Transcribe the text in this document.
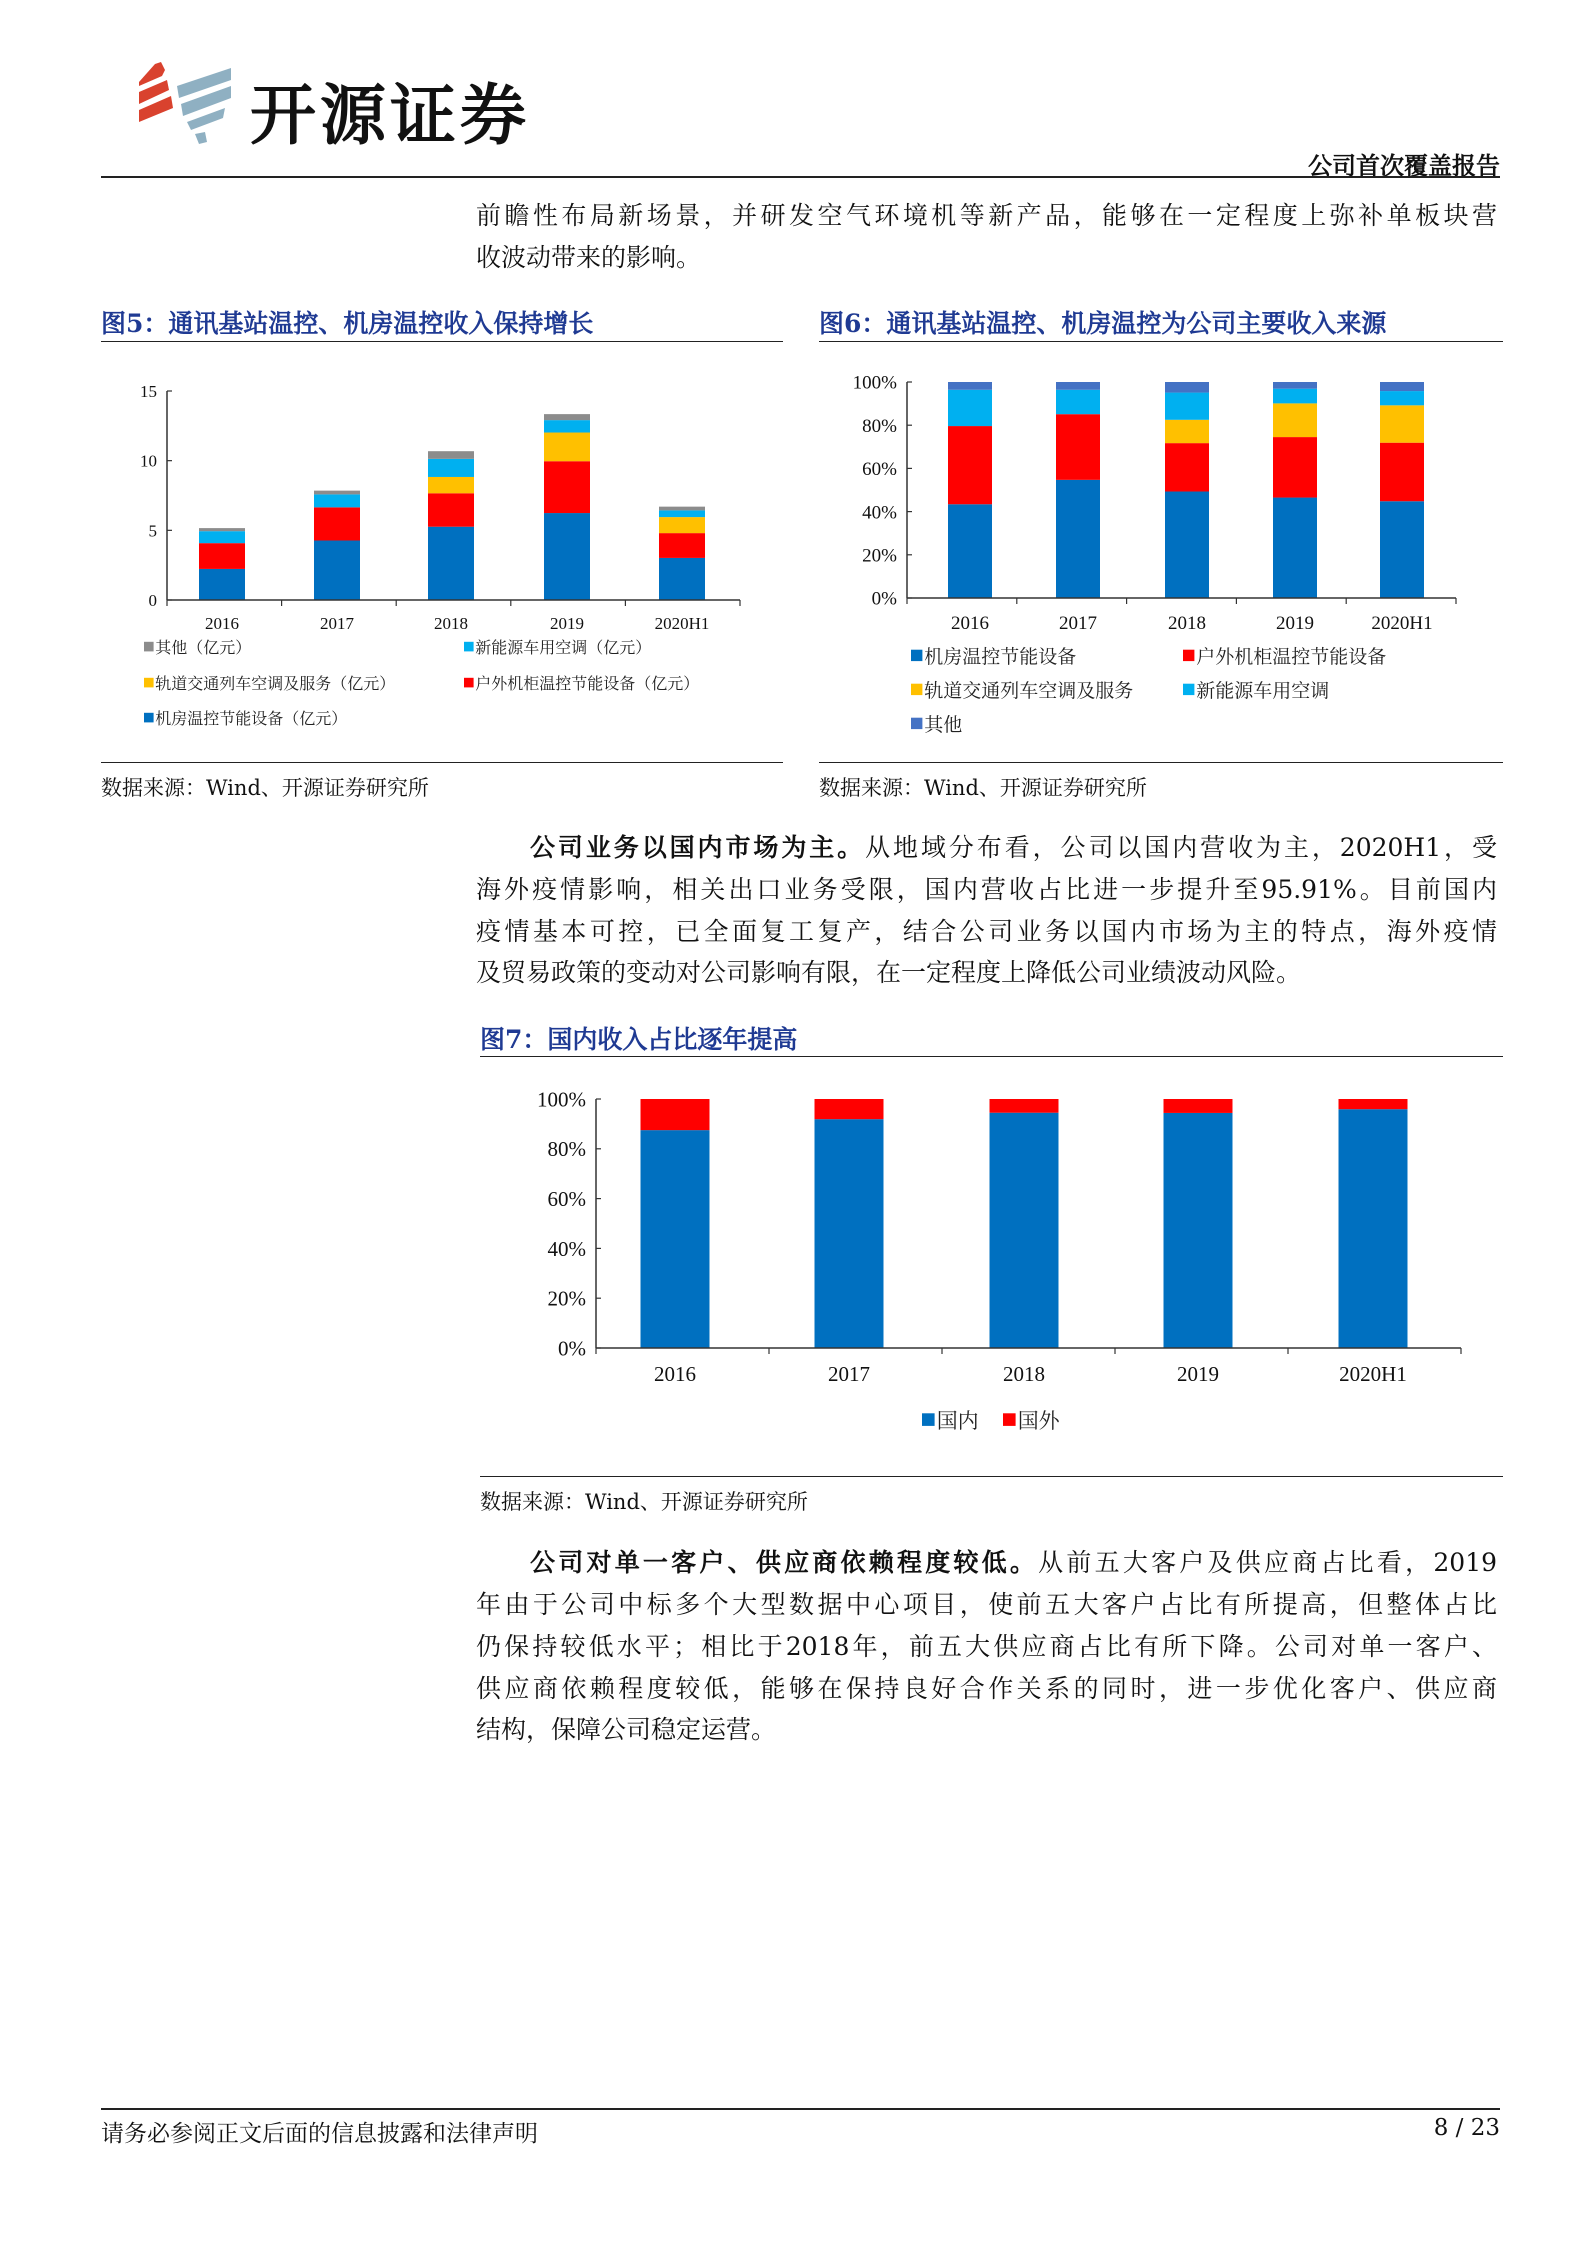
开源证券
公司首次覆盖报告
前瞻性布局新场景，并研发空气环境机等新产品，能够在一定程度上弥补单板块营
收波动带来的影响。
图5：通讯基站温控、机房温控收入保持增长	图6：通讯基站温控、机房温控为公司主要收入来源
数据来源：Wind、开源证券研究所	数据来源：Wind、开源证券研究所
公司业务以国内市场为主。从地域分布看，公司以国内营收为主，2020H1，受
海外疫情影响，相关出口业务受限，国内营收占比进一步提升至95.91%。目前国内
疫情基本可控，已全面复工复产，结合公司业务以国内市场为主的特点，海外疫情
及贸易政策的变动对公司影响有限，在一定程度上降低公司业绩波动风险。
图7：国内收入占比逐年提高
数据来源：Wind、开源证券研究所
公司对单一客户、供应商依赖程度较低。从前五大客户及供应商占比看，2019
年由于公司中标多个大型数据中心项目，使前五大客户占比有所提高，但整体占比
仍保持较低水平；相比于2018年，前五大供应商占比有所下降。公司对单一客户、
供应商依赖程度较低，能够在保持良好合作关系的同时，进一步优化客户、供应商
结构，保障公司稳定运营。
请务必参阅正文后面的信息披露和法律声明	8 / 23
2016	2017	2018	2019	2020H1
0
5
10
15
其他（亿元）	新能源车用空调（亿元）
轨道交通列车空调及服务（亿元）	户外机柜温控节能设备（亿元）
机房温控节能设备（亿元）
2016	2017	2018	2019	2020H1
0%
20%
40%
60%
80%
100%
机房温控节能设备	户外机柜温控节能设备
轨道交通列车空调及服务	新能源车用空调
其他
2016	2017	2018	2019	2020H1
0%
20%
40%
60%
80%
100%
国内 国外
